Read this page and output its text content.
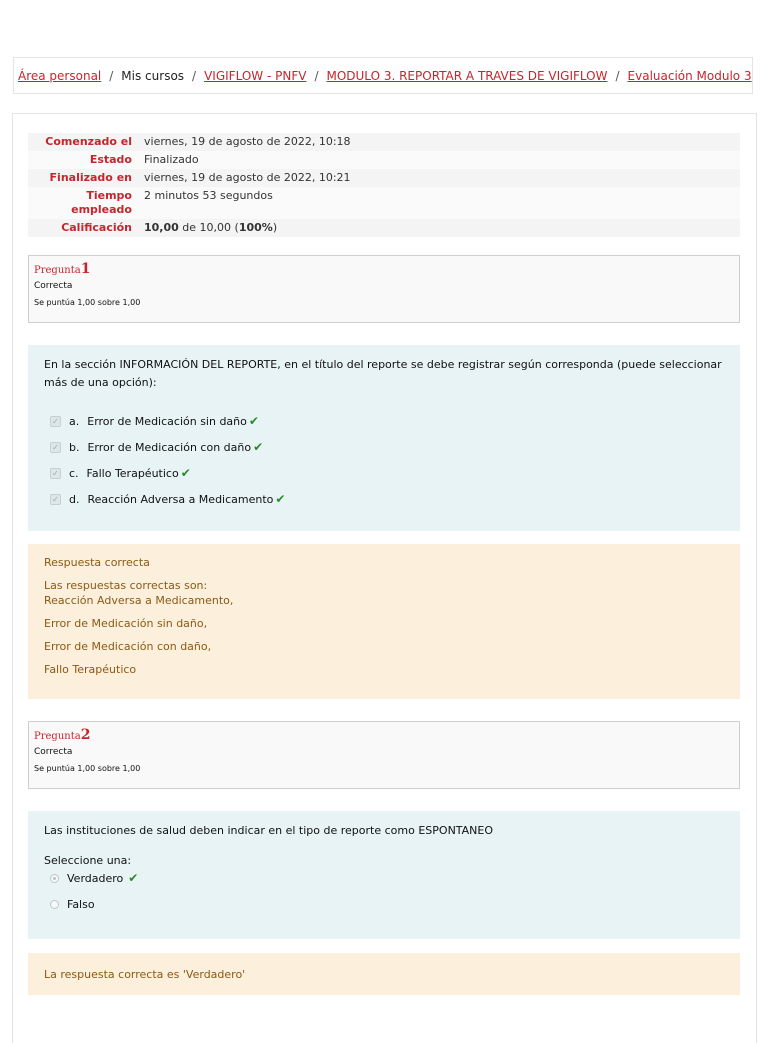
Área personal / Mis cursos / VIGIFLOW - PNFV / MODULO 3. REPORTAR A TRAVES DE VIGIFLOW / Evaluación Modulo 3
Comenzado el	viernes, 19 de agosto de 2022, 10:18
Estado	Finalizado
Finalizado en	viernes, 19 de agosto de 2022, 10:21
Tiempo
empleado	2 minutos 53 segundos
Calificación	10,00 de 10,00 (100%)
Pregunta1
Correcta
Se puntúa 1,00 sobre 1,00
En la sección INFORMACIÓN DEL REPORTE, en el título del reporte se debe registrar según corresponda (puede seleccionar más de una opción):
✓ a. Error de Medicación sin daño ✔
✓ b. Error de Medicación con daño ✔
✓ c. Fallo Terapéutico ✔
✓ d. Reacción Adversa a Medicamento ✔
Respuesta correcta
Las respuestas correctas son:
Reacción Adversa a Medicamento,
Error de Medicación sin daño,
Error de Medicación con daño,
Fallo Terapéutico
Pregunta2
Correcta
Se puntúa 1,00 sobre 1,00
Las instituciones de salud deben indicar en el tipo de reporte como ESPONTANEO
Seleccione una:
Verdadero ✔
Falso
La respuesta correcta es 'Verdadero'
